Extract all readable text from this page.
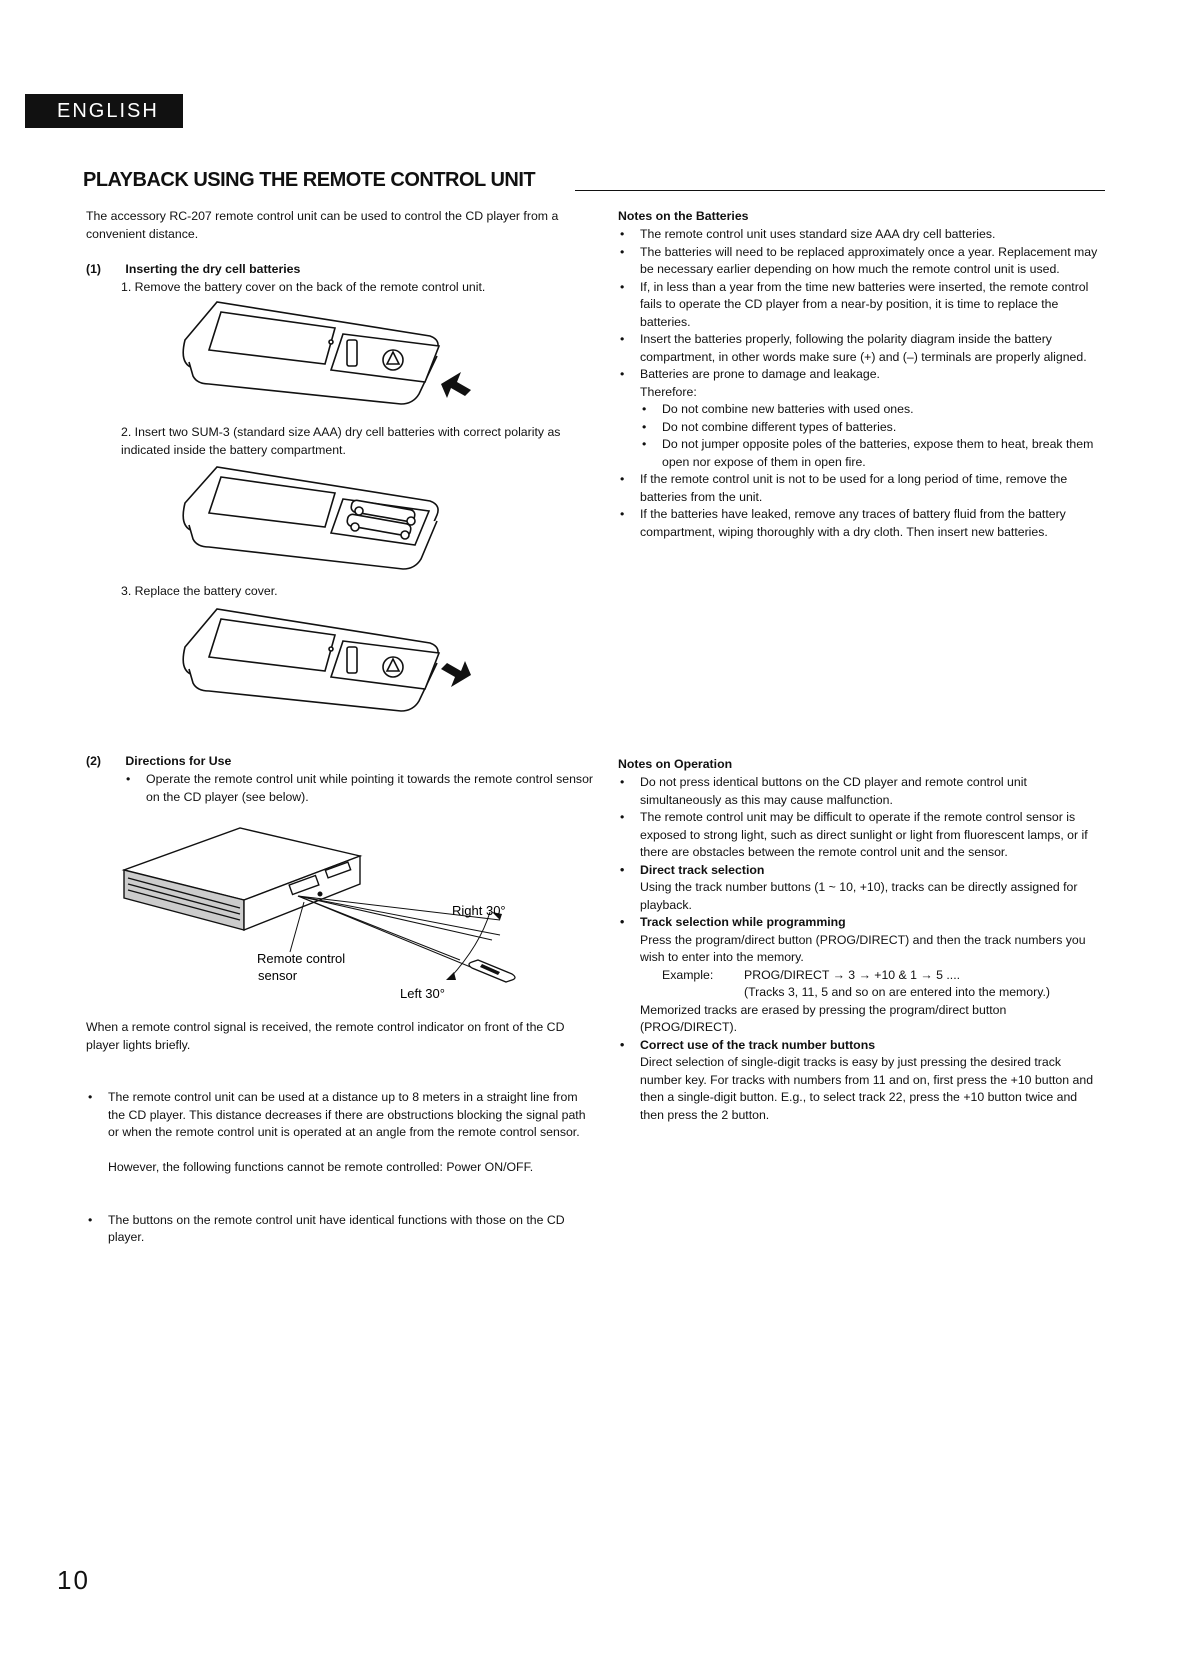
ENGLISH
PLAYBACK USING THE REMOTE CONTROL UNIT
The accessory RC-207 remote control unit can be used to control the CD player from a convenient distance.
(1) Inserting the dry cell batteries
1. Remove the battery cover on the back of the remote control unit.
2. Insert two SUM-3 (standard size AAA) dry cell batteries with correct polarity as indicated inside the battery compartment.
3. Replace the battery cover.
(2) Directions for Use
• Operate the remote control unit while pointing it towards the remote control sensor on the CD player (see below).
Right 30°
Left 30°
Remote control
sensor
When a remote control signal is received, the remote control indicator on front of the CD player lights briefly.
• The remote control unit can be used at a distance up to 8 meters in a straight line from the CD player. This distance decreases if there are obstructions blocking the signal path or when the remote control unit is operated at an angle from the remote control sensor.
• The buttons on the remote control unit have identical functions with those on the CD player.
However, the following functions cannot be remote controlled: Power ON/OFF.
Notes on the Batteries
• The remote control unit uses standard size AAA dry cell batteries.
• The batteries will need to be replaced approximately once a year. Replacement may be necessary earlier depending on how much the remote control unit is used.
• If, in less than a year from the time new batteries were inserted, the remote control fails to operate the CD player from a near-by position, it is time to replace the batteries.
• Insert the batteries properly, following the polarity diagram inside the battery compartment, in other words make sure (+) and (–) terminals are properly aligned.
• Batteries are prone to damage and leakage.
Therefore:
• Do not combine new batteries with used ones.
• Do not combine different types of batteries.
• Do not jumper opposite poles of the batteries, expose them to heat, break them open nor expose of them in open fire.
• If the remote control unit is not to be used for a long period of time, remove the batteries from the unit.
• If the batteries have leaked, remove any traces of battery fluid from the battery compartment, wiping thoroughly with a dry cloth. Then insert new batteries.
Notes on Operation
• Do not press identical buttons on the CD player and remote control unit simultaneously as this may cause malfunction.
• The remote control unit may be difficult to operate if the remote control sensor is exposed to strong light, such as direct sunlight or light from fluorescent lamps, or if there are obstacles between the remote control unit and the sensor.
• Direct track selection
Using the track number buttons (1 ~ 10, +10), tracks can be directly assigned for playback.
• Track selection while programming
Press the program/direct button (PROG/DIRECT) and then the track numbers you wish to enter into the memory.
Example:	PROG/DIRECT → 3 → +10 & 1 → 5 ....
(Tracks 3, 11, 5 and so on are entered into the memory.)
Memorized tracks are erased by pressing the program/direct button (PROG/DIRECT).
• Correct use of the track number buttons
Direct selection of single-digit tracks is easy by just pressing the desired track number key. For tracks with numbers from 11 and on, first press the +10 button and then a single-digit button. E.g., to select track 22, press the +10 button twice and then press the 2 button.
10
